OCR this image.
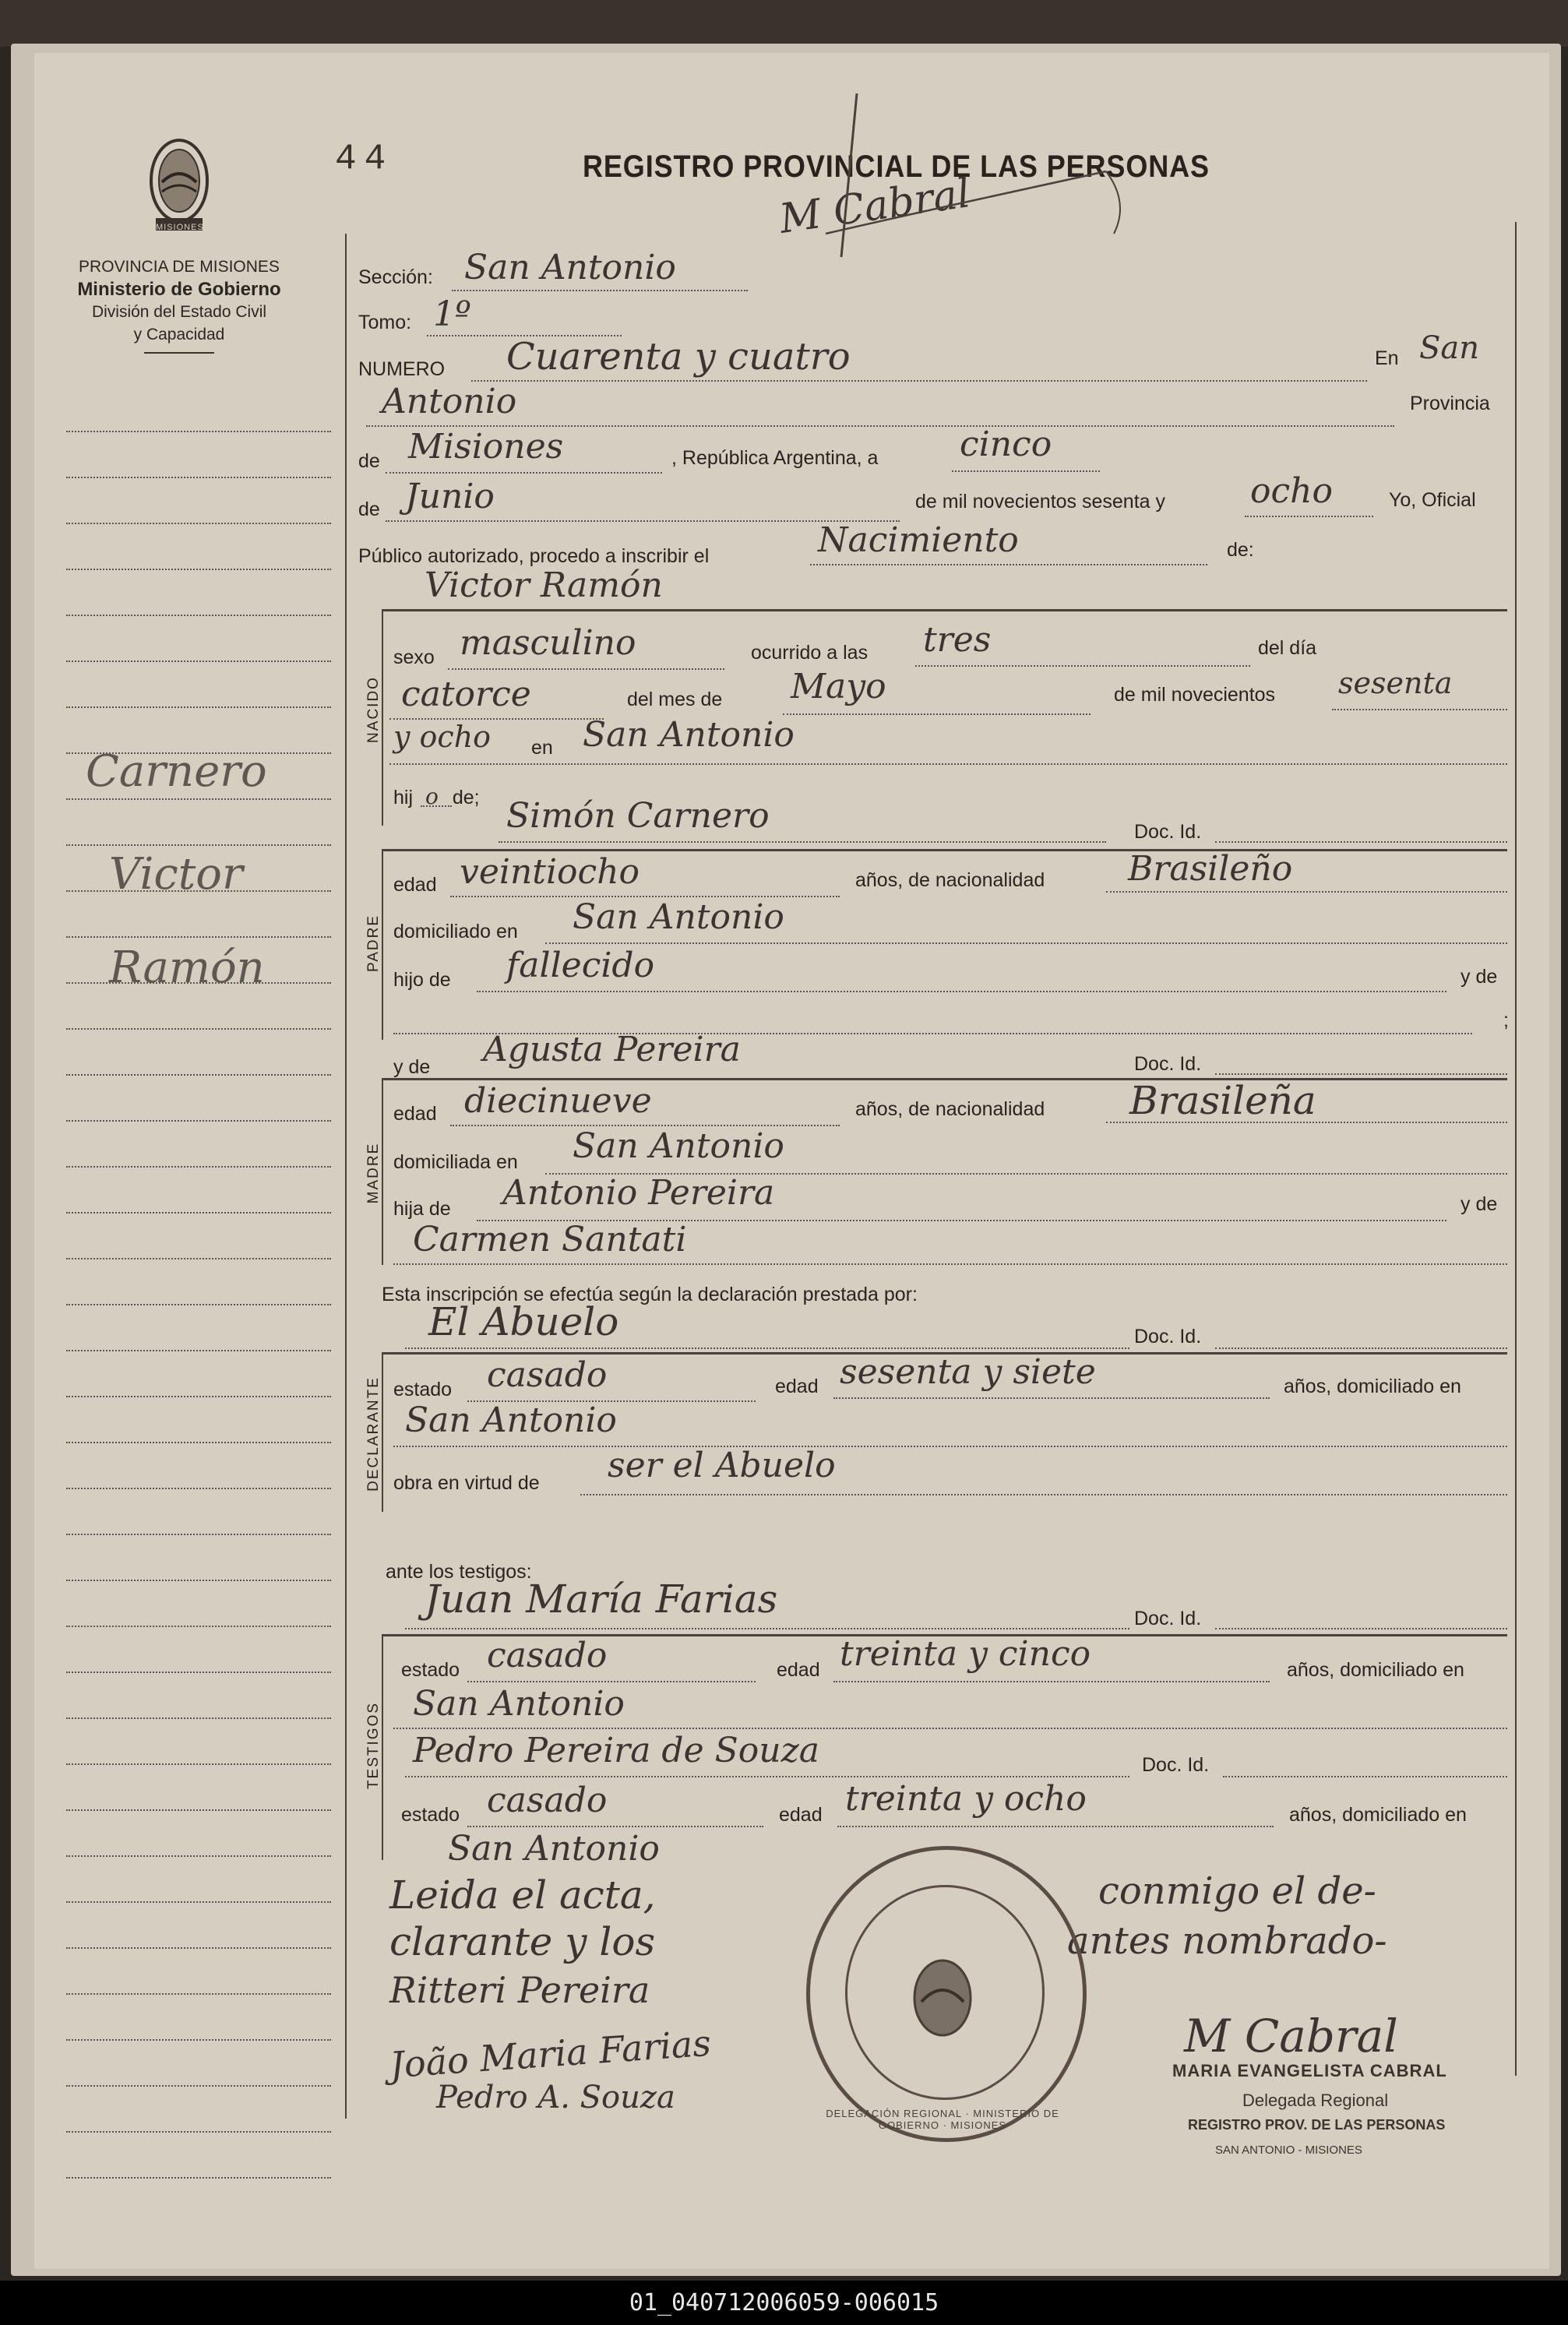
MISIONES
PROVINCIA DE MISIONES
Ministerio de Gobierno
División del Estado Civil
y Capacidad
44	REGISTRO PROVINCIAL DE LAS PERSONAS
M Cabral
Sección: San Antonio
Tomo: 1º
NUMERO Cuarenta y cuatro	En San
Antonio	Provincia
de Misiones	, República Argentina, a cinco
de Junio	de mil novecientos sesenta y ocho	Yo, Oficial
Público autorizado, procedo a inscribir el	Nacimiento	de:
Victor Ramón
NACIDO
sexo masculino	ocurrido a las tres	del día
catorce	del mes de Mayo	de mil novecientos sesenta
y ocho en San Antonio
hij o de; Simón Carnero	Doc. Id.
PADRE
edad veintiocho	años, de nacionalidad Brasileño
domiciliado en San Antonio
hijo de fallecido	y de
;
y de Agusta Pereira	Doc. Id.
MADRE
edad diecinueve	años, de nacionalidad Brasileña
domiciliada en San Antonio
hija de Antonio Pereira	y de
Carmen Santati
Esta inscripción se efectúa según la declaración prestada por:
El Abuelo	Doc. Id.
DECLARANTE estado casado	edad sesenta y siete	años, domiciliado en
San Antonio
obra en virtud de ser el Abuelo
ante los testigos:
Juan María Farias	Doc. Id.
TESTIGOS
estado casado	edad treinta y cinco	años, domiciliado en
San Antonio
Pedro Pereira de Souza	Doc. Id.
estado casado	edad treinta y ocho	años, domiciliado en
San Antonio
Carnero
Victor
Ramón
Leida el acta,	conmigo el de-
clarante y los	antes nombrado-
Ritteri Pereira
João Maria Farias
Pedro A. Souza	DELEGACIÓN REGIONAL · MINISTERIO DE GOBIERNO · MISIONES
M Cabral
MARIA EVANGELISTA CABRAL
Delegada Regional
REGISTRO PROV. DE LAS PERSONAS
SAN ANTONIO - MISIONES
01_040712006059-006015
